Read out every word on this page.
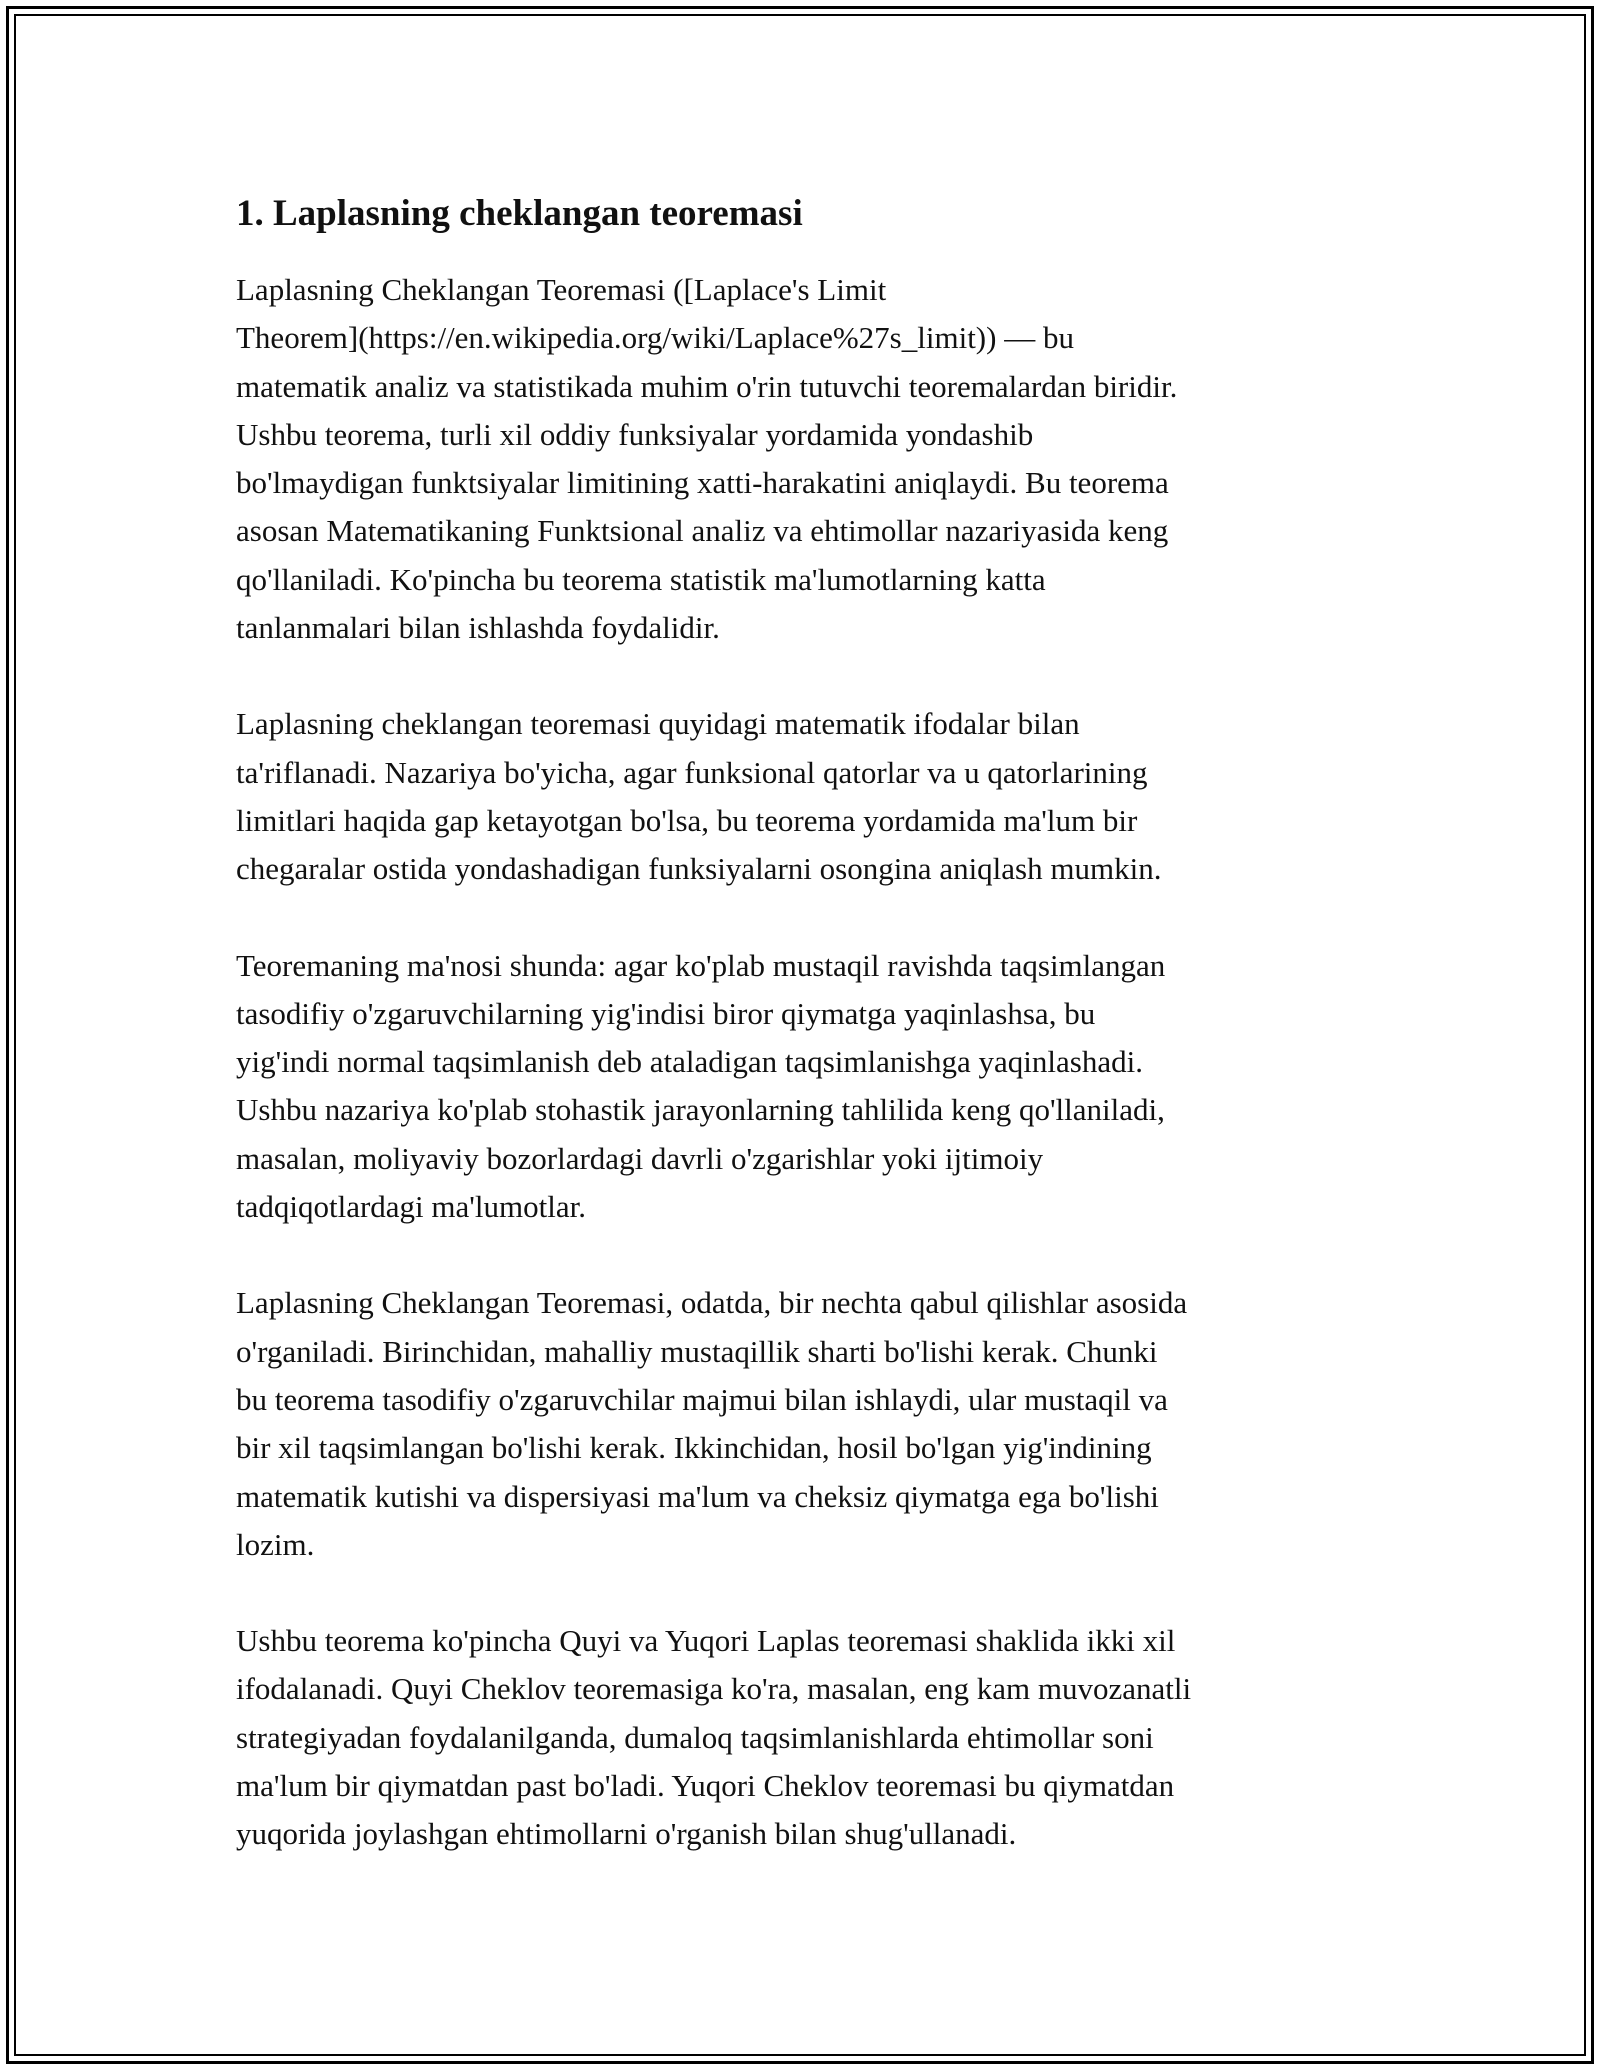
1. Laplasning cheklangan teoremasi

Laplasning Cheklangan Teoremasi ([Laplace's Limit
Theorem](https://en.wikipedia.org/wiki/Laplace%27s_limit)) — bu
matematik analiz va statistikada muhim o'rin tutuvchi teoremalardan biridir.
Ushbu teorema, turli xil oddiy funksiyalar yordamida yondashib
bo'lmaydigan funktsiyalar limitining xatti-harakatini aniqlaydi. Bu teorema
asosan Matematikaning Funktsional analiz va ehtimollar nazariyasida keng
qo'llaniladi. Ko'pincha bu teorema statistik ma'lumotlarning katta
tanlanmalari bilan ishlashda foydalidir.

Laplasning cheklangan teoremasi quyidagi matematik ifodalar bilan
ta'riflanadi. Nazariya bo'yicha, agar funksional qatorlar va u qatorlarining
limitlari haqida gap ketayotgan bo'lsa, bu teorema yordamida ma'lum bir
chegaralar ostida yondashadigan funksiyalarni osongina aniqlash mumkin.

Teoremaning ma'nosi shunda: agar ko'plab mustaqil ravishda taqsimlangan
tasodifiy o'zgaruvchilarning yig'indisi biror qiymatga yaqinlashsa, bu
yig'indi normal taqsimlanish deb ataladigan taqsimlanishga yaqinlashadi.
Ushbu nazariya ko'plab stohastik jarayonlarning tahlilida keng qo'llaniladi,
masalan, moliyaviy bozorlardagi davrli o'zgarishlar yoki ijtimoiy
tadqiqotlardagi ma'lumotlar.

Laplasning Cheklangan Teoremasi, odatda, bir nechta qabul qilishlar asosida
o'rganiladi. Birinchidan, mahalliy mustaqillik sharti bo'lishi kerak. Chunki
bu teorema tasodifiy o'zgaruvchilar majmui bilan ishlaydi, ular mustaqil va
bir xil taqsimlangan bo'lishi kerak. Ikkinchidan, hosil bo'lgan yig'indining
matematik kutishi va dispersiyasi ma'lum va cheksiz qiymatga ega bo'lishi
lozim.

Ushbu teorema ko'pincha Quyi va Yuqori Laplas teoremasi shaklida ikki xil
ifodalanadi. Quyi Cheklov teoremasiga ko'ra, masalan, eng kam muvozanatli
strategiyadan foydalanilganda, dumaloq taqsimlanishlarda ehtimollar soni
ma'lum bir qiymatdan past bo'ladi. Yuqori Cheklov teoremasi bu qiymatdan
yuqorida joylashgan ehtimollarni o'rganish bilan shug'ullanadi.
